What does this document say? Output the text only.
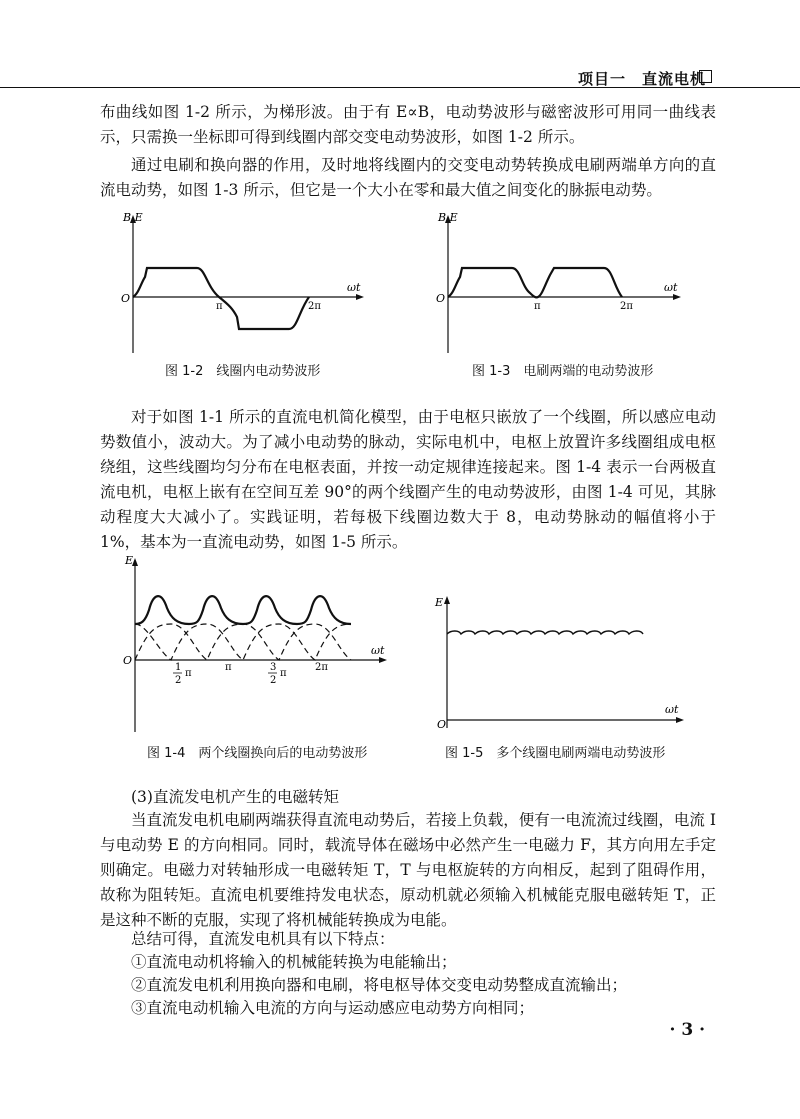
项目一　直流电机

布曲线如图 1-2 所示，为梯形波。由于有 E∝B，电动势波形与磁密波形可用同一曲线表示，只需换一坐标即可得到线圈内部交变电动势波形，如图 1-2 所示。

通过电刷和换向器的作用，及时地将线圈内的交变电动势转换成电刷两端单方向的直流电动势，如图 1-3 所示，但它是一个大小在零和最大值之间变化的脉振电动势。

B E
ωt
O
π	2π
图 1-2　线圈内电动势波形
B E
ωt
O
π	2π
图 1-3　电刷两端的电动势波形

对于如图 1-1 所示的直流电机简化模型，由于电枢只嵌放了一个线圈，所以感应电动势数值小，波动大。为了减小电动势的脉动，实际电机中，电枢上放置许多线圈组成电枢绕组，这些线圈均匀分布在电枢表面，并按一动定规律连接起来。图 1-4 表示一台两极直流电机，电枢上嵌有在空间互差 90°的两个线圈产生的电动势波形，由图 1-4 可见，其脉动程度大大减小了。实践证明，若每极下线圈边数大于 8，电动势脉动的幅值将小于 1%，基本为一直流电动势，如图 1-5 所示。

E
ωt
O
1
2
π
π	3
2
π
2π
图 1-4　两个线圈换向后的电动势波形
E
ωt
O
图 1-5　多个线圈电刷两端电动势波形

(3)直流发电机产生的电磁转矩

当直流发电机电刷两端获得直流电动势后，若接上负载，便有一电流流过线圈，电流 I 与电动势 E 的方向相同。同时，载流导体在磁场中必然产生一电磁力 F，其方向用左手定则确定。电磁力对转轴形成一电磁转矩 T，T 与电枢旋转的方向相反，起到了阻碍作用，故称为阻转矩。直流电机要维持发电状态，原动机就必须输入机械能克服电磁转矩 T，正是这种不断的克服，实现了将机械能转换成为电能。

总结可得，直流发电机具有以下特点：

①直流电动机将输入的机械能转换为电能输出；

②直流发电机利用换向器和电刷，将电枢导体交变电动势整成直流输出；

③直流电动机输入电流的方向与运动感应电动势方向相同；

· 3 ·
